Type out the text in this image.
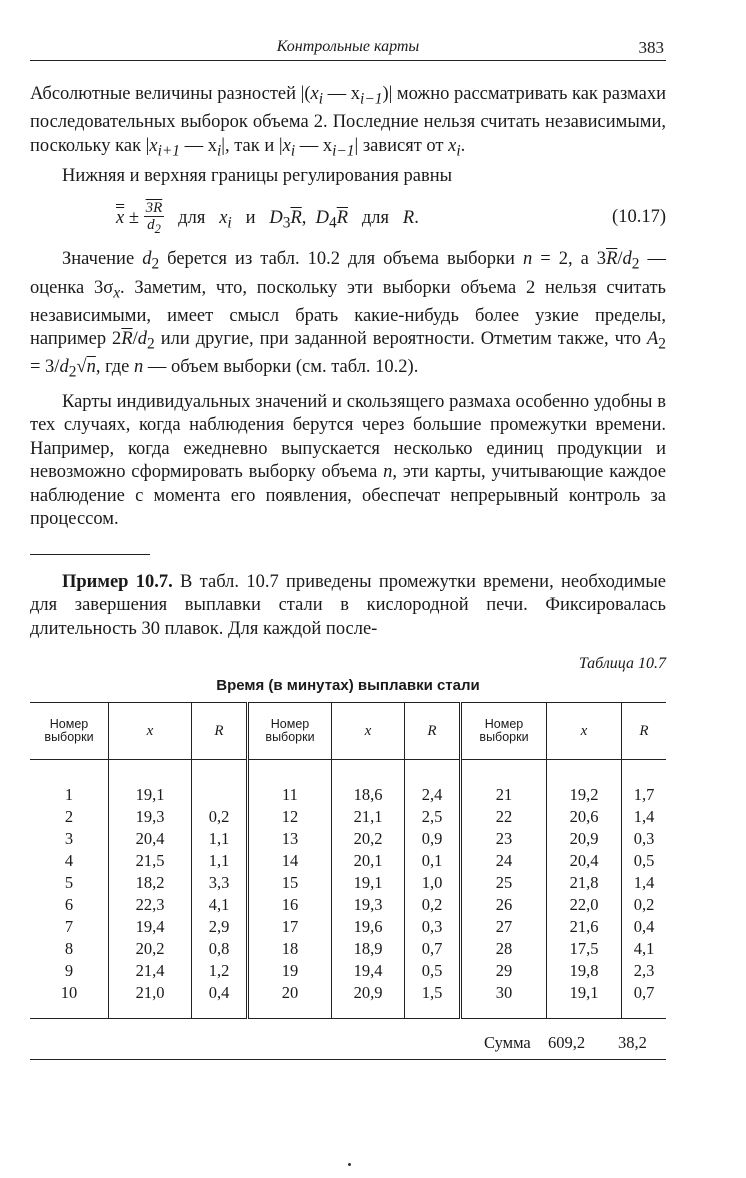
Контрольные карты	383

Абсолютные величины разностей $|(x_i$ — $x_{i-1})|$ можно рассматривать как размахи последовательных выборок объема 2. Последние нельзя считать независимыми, поскольку как $|x_{i+1}$ — $x_i|$, так и $|x_i$ — $x_{i-1}|$ зависят от $x_i$.

Нижняя и верхняя границы регулирования равны

$x \pm \frac{3R}{d_2}$ для   $x_i$   и   $D_3\overline{R}$,  $D_4\overline{R}$   для   R.	(10.17)

Значение $d_2$ берется из табл. 10.2 для объема выборки n = 2, а $3\overline{R}/d_2$ — оценка $3\sigma_x$. Заметим, что, поскольку эти выборки объема 2 нельзя считать независимыми, имеет смысл брать какие-нибудь более узкие пределы, например $2\overline{R}/d_2$ или другие, при заданной вероятности. Отметим также, что $A_2 = 3/d_2√n$, где n — объем выборки (см. табл. 10.2).

Карты индивидуальных значений и скользящего размаха особенно удобны в тех случаях, когда наблюдения берутся через большие промежутки времени. Например, когда ежедневно выпускается несколько единиц продукции и невозможно сформировать выборку объема n, эти карты, учитывающие каждое наблюдение с момента его появления, обеспечат непрерывный контроль за процессом.

Пример 10.7. В табл. 10.7 приведены промежутки времени, необходимые для завершения выплавки стали в кислородной печи. Фиксировалась длительность 30 плавок. Для каждой после-

Таблица 10.7
Время (в минутах) выплавки стали
Номер
выборки	x	R	Номер
выборки	x	R	Номер
выборки	x	R
1	19,1		11	18,6	2,4	21	19,2	1,7
2	19,3	0,2	12	21,1	2,5	22	20,6	1,4
3	20,4	1,1	13	20,2	0,9	23	20,9	0,3
4	21,5	1,1	14	20,1	0,1	24	20,4	0,5
5	18,2	3,3	15	19,1	1,0	25	21,8	1,4
6	22,3	4,1	16	19,3	0,2	26	22,0	0,2
7	19,4	2,9	17	19,6	0,3	27	21,6	0,4
8	20,2	0,8	18	18,9	0,7	28	17,5	4,1
9	21,4	1,2	19	19,4	0,5	29	19,8	2,3
10	21,0	0,4	20	20,9	1,5	30	19,1	0,7
Сумма 609,2 38,2
